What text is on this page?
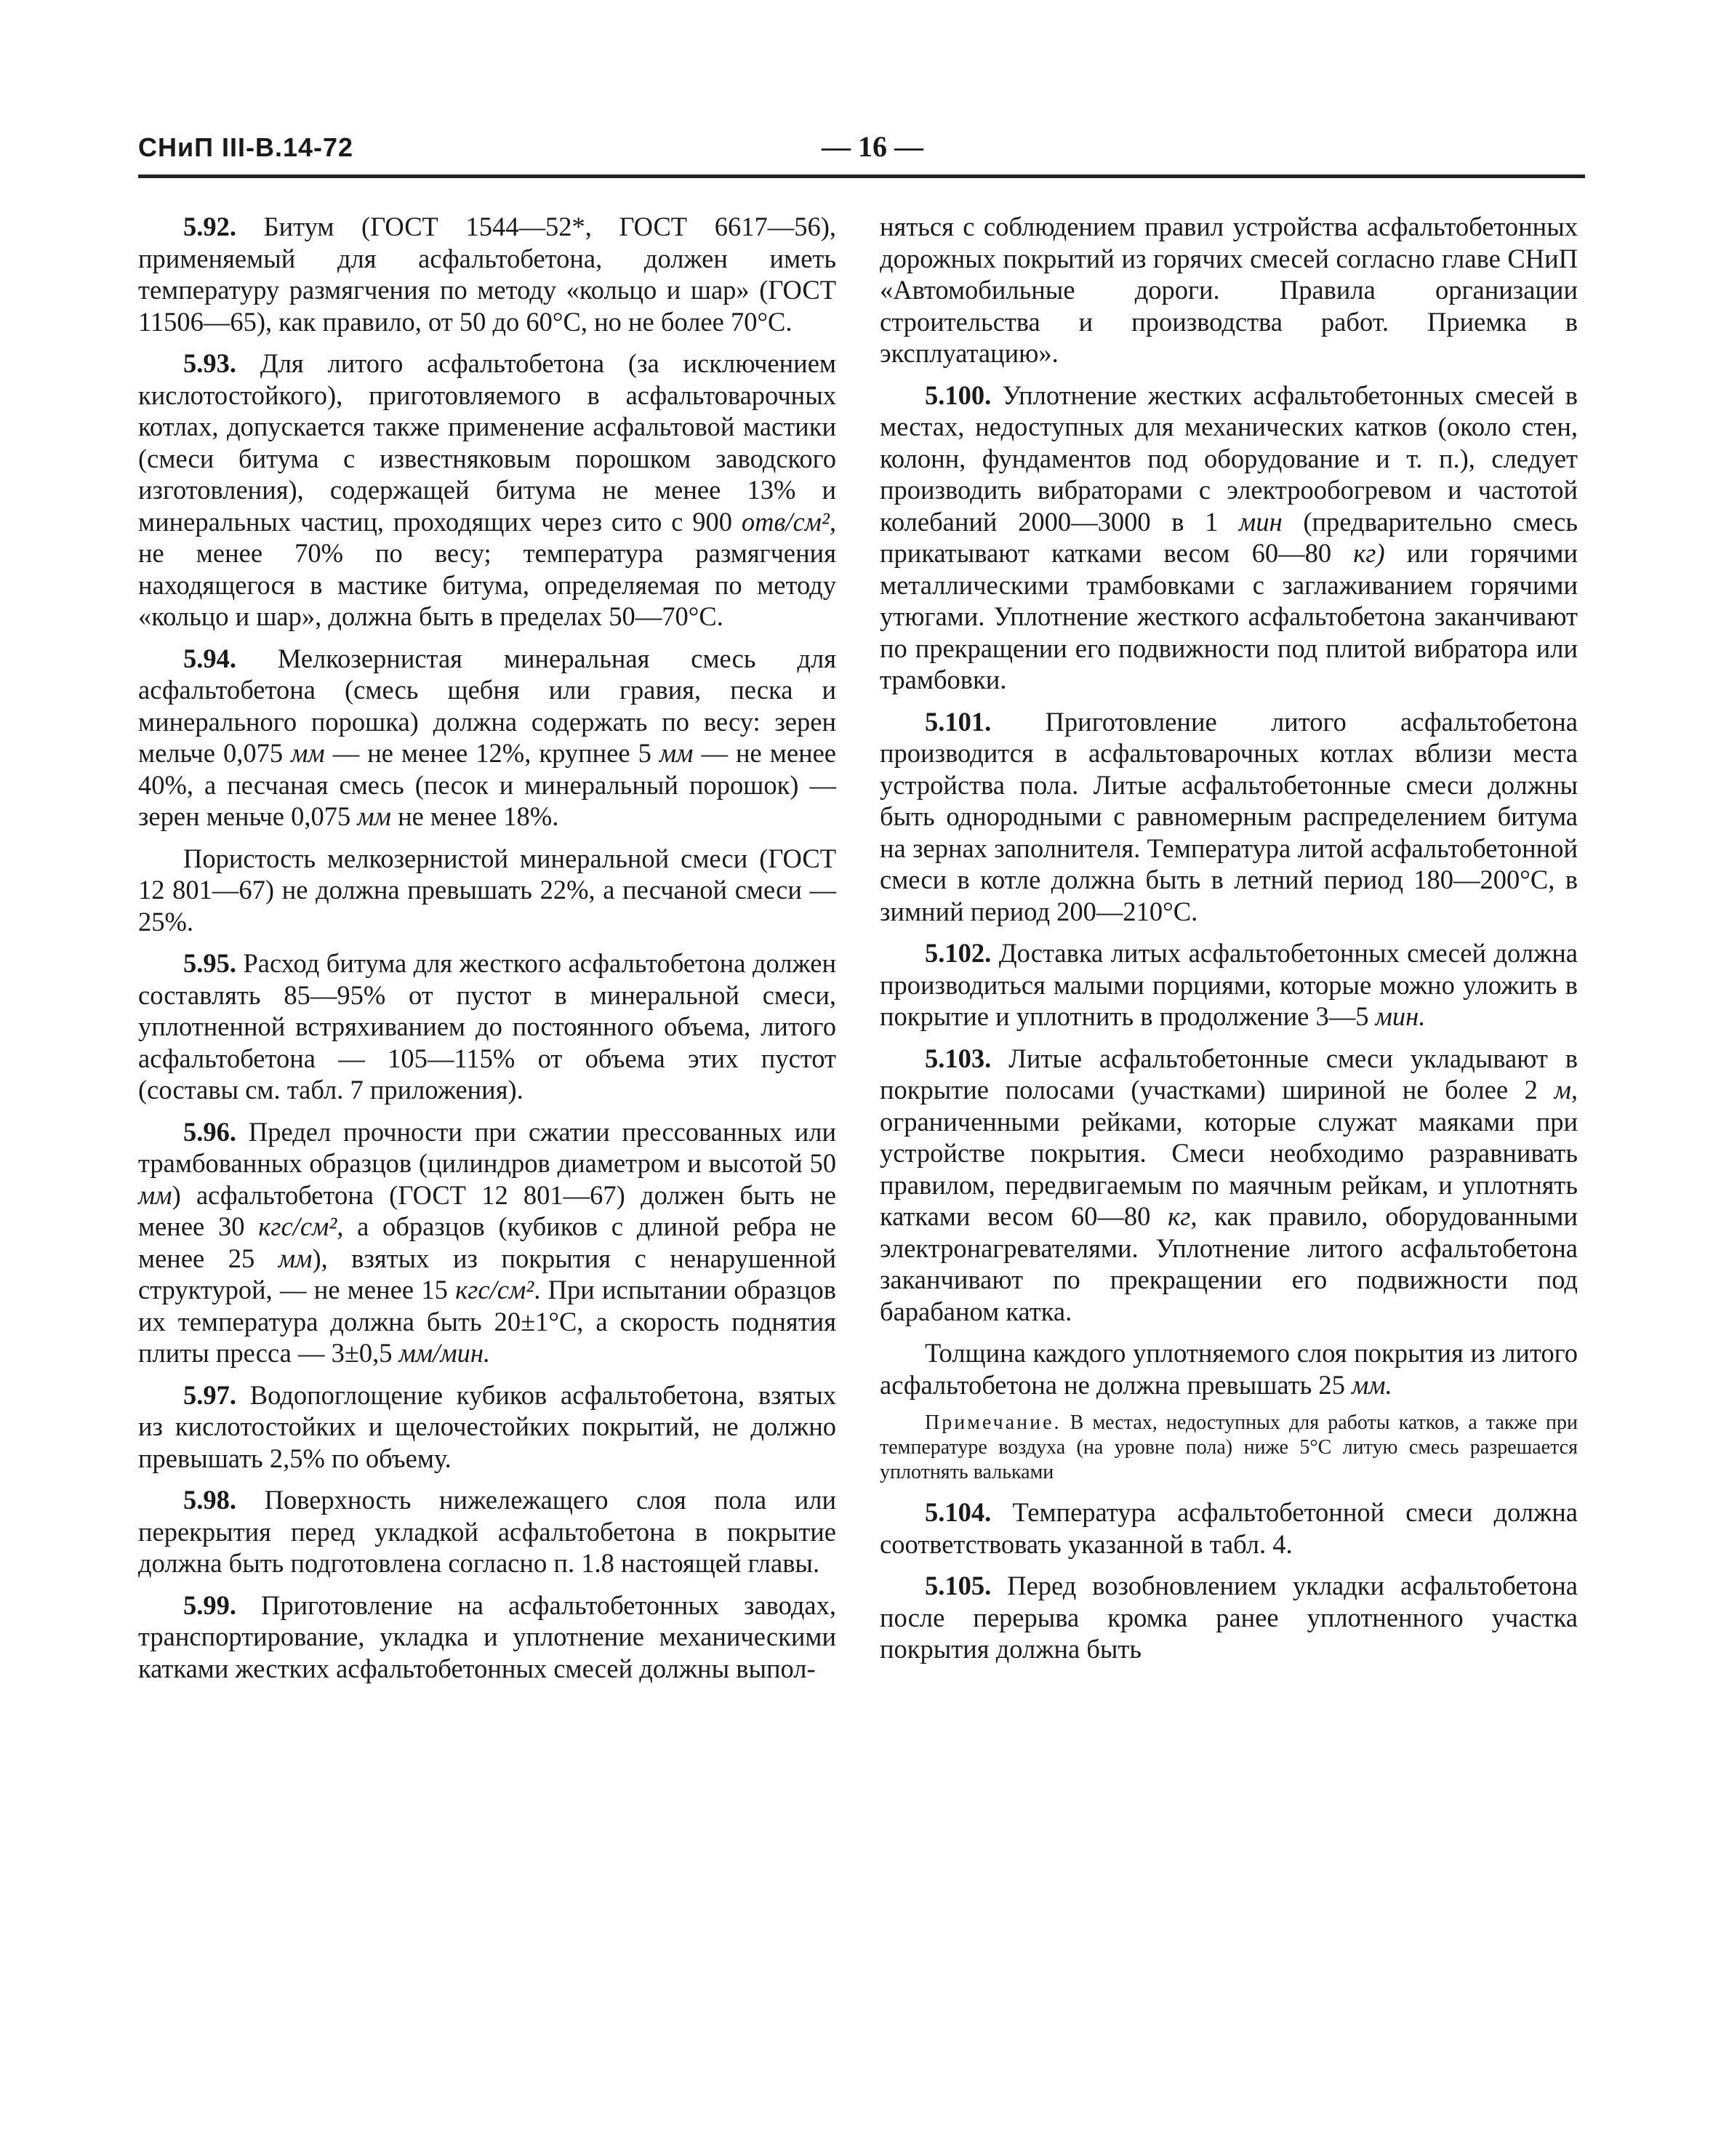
СНиП III-В.14-72	— 16 —

5.92. Битум (ГОСТ 1544—52*, ГОСТ 6617—56), применяемый для асфальтобетона, должен иметь температуру размягчения по методу «кольцо и шар» (ГОСТ 11506—65), как правило, от 50 до 60°С, но не более 70°С.

5.93. Для литого асфальтобетона (за исключением кислотостойкого), приготовляемого в асфальтоварочных котлах, допускается также применение асфальтовой мастики (смеси битума с известняковым порошком заводского изготовления), содержащей битума не менее 13% и минеральных частиц, проходящих через сито с 900 отв/см², не менее 70% по весу; температура размягчения находящегося в мастике битума, определяемая по методу «кольцо и шар», должна быть в пределах 50—70°С.

5.94. Мелкозернистая минеральная смесь для асфальтобетона (смесь щебня или гравия, песка и минерального порошка) должна содержать по весу: зерен мельче 0,075 мм — не менее 12%, крупнее 5 мм — не менее 40%, а песчаная смесь (песок и минеральный порошок) — зерен меньче 0,075 мм не менее 18%.

Пористость мелкозернистой минеральной смеси (ГОСТ 12 801—67) не должна превышать 22%, а песчаной смеси — 25%.

5.95. Расход битума для жесткого асфальтобетона должен составлять 85—95% от пустот в минеральной смеси, уплотненной встряхиванием до постоянного объема, литого асфальтобетона — 105—115% от объема этих пустот (составы см. табл. 7 приложения).

5.96. Предел прочности при сжатии прессованных или трамбованных образцов (цилиндров диаметром и высотой 50 мм) асфальтобетона (ГОСТ 12 801—67) должен быть не менее 30 кгс/см², а образцов (кубиков с длиной ребра не менее 25 мм), взятых из покрытия с ненарушенной структурой, — не менее 15 кгс/см². При испытании образцов их температура должна быть 20±1°С, а скорость поднятия плиты пресса — 3±0,5 мм/мин.

5.97. Водопоглощение кубиков асфальтобетона, взятых из кислотостойких и щелочестойких покрытий, не должно превышать 2,5% по объему.

5.98. Поверхность нижележащего слоя пола или перекрытия перед укладкой асфальтобетона в покрытие должна быть подготовлена согласно п. 1.8 настоящей главы.

5.99. Приготовление на асфальтобетонных заводах, транспортирование, укладка и уплотнение механическими катками жестких асфальтобетонных смесей должны выпол-

няться с соблюдением правил устройства асфальтобетонных дорожных покрытий из горячих смесей согласно главе СНиП «Автомобильные дороги. Правила организации строительства и производства работ. Приемка в эксплуатацию».

5.100. Уплотнение жестких асфальтобетонных смесей в местах, недоступных для механических катков (около стен, колонн, фундаментов под оборудование и т. п.), следует производить вибраторами с электрообогревом и частотой колебаний 2000—3000 в 1 мин (предварительно смесь прикатывают катками весом 60—80 кг) или горячими металлическими трамбовками с заглаживанием горячими утюгами. Уплотнение жесткого асфальтобетона заканчивают по прекращении его подвижности под плитой вибратора или трамбовки.

5.101. Приготовление литого асфальтобетона производится в асфальтоварочных котлах вблизи места устройства пола. Литые асфальтобетонные смеси должны быть однородными с равномерным распределением битума на зернах заполнителя. Температура литой асфальтобетонной смеси в котле должна быть в летний период 180—200°С, в зимний период 200—210°С.

5.102. Доставка литых асфальтобетонных смесей должна производиться малыми порциями, которые можно уложить в покрытие и уплотнить в продолжение 3—5 мин.

5.103. Литые асфальтобетонные смеси укладывают в покрытие полосами (участками) шириной не более 2 м, ограниченными рейками, которые служат маяками при устройстве покрытия. Смеси необходимо разравнивать правилом, передвигаемым по маячным рейкам, и уплотнять катками весом 60—80 кг, как правило, оборудованными электронагревателями. Уплотнение литого асфальтобетона заканчивают по прекращении его подвижности под барабаном катка.

Толщина каждого уплотняемого слоя покрытия из литого асфальтобетона не должна превышать 25 мм.

Примечание. В местах, недоступных для работы катков, а также при температуре воздуха (на уровне пола) ниже 5°С литую смесь разрешается уплотнять вальками

5.104. Температура асфальтобетонной смеси должна соответствовать указанной в табл. 4.

5.105. Перед возобновлением укладки асфальтобетона после перерыва кромка ранее уплотненного участка покрытия должна быть
